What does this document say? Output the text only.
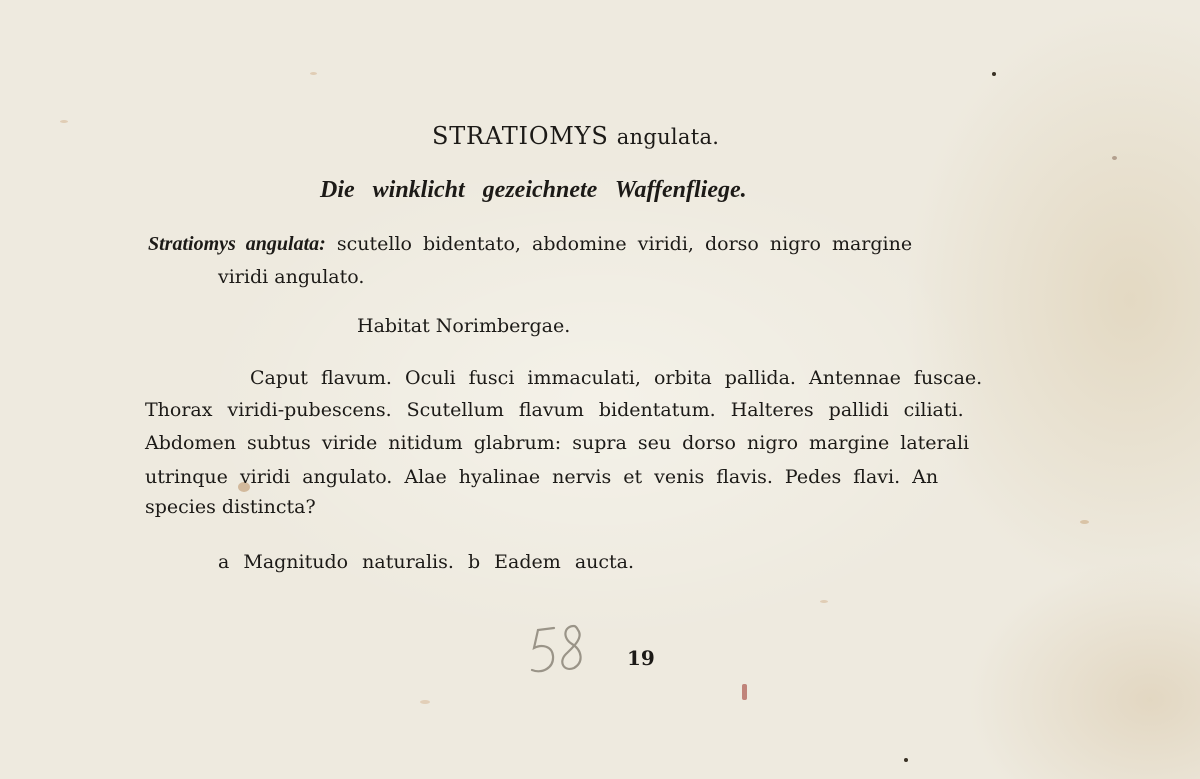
STRATIOMYS angulata.
Die winklicht gezeichnete Waffenfliege.
Stratiomys angulata: scutello bidentato, abdomine viridi, dorso nigro margine
viridi angulato.
Habitat Norimbergae.
Caput flavum. Oculi fusci immaculati, orbita pallida. Antennae fuscae.
Thorax viridi-pubescens. Scutellum flavum bidentatum. Halteres pallidi ciliati.
Abdomen subtus viride nitidum glabrum: supra seu dorso nigro margine laterali
utrinque viridi angulato. Alae hyalinae nervis et venis flavis. Pedes flavi. An
species distincta?
a Magnitudo naturalis. b Eadem aucta.
19
